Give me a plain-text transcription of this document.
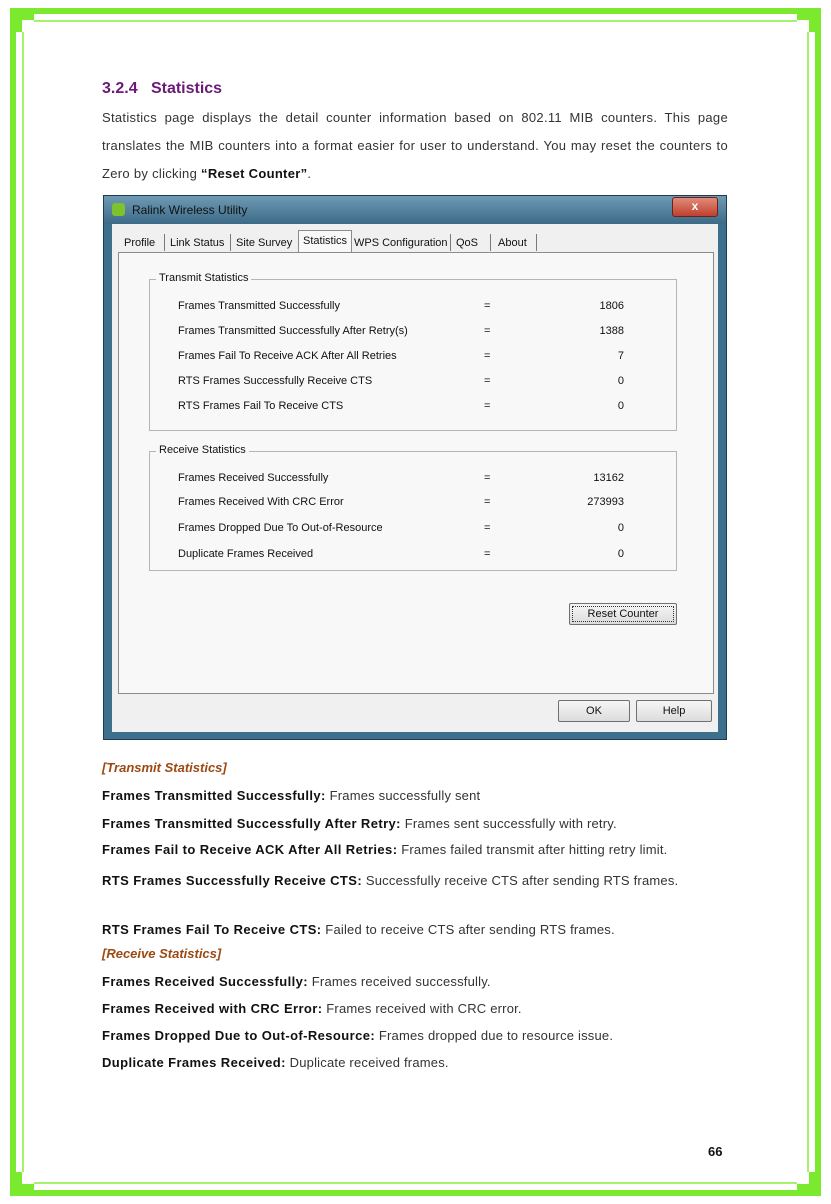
3.2.4 Statistics
Statistics page displays the detail counter information based on 802.11 MIB counters. This page translates the MIB counters into a format easier for user to understand. You may reset the counters to Zero by clicking “Reset Counter”.
Ralink Wireless Utility	x
Profile Link Status Site Survey Statistics WPS Configuration QoS About
Transmit Statistics
Frames Transmitted Successfully	=	1806
Frames Transmitted Successfully After Retry(s)	=	1388
Frames Fail To Receive ACK After All Retries	=	7
RTS Frames Successfully Receive CTS	=	0
RTS Frames Fail To Receive CTS	=	0
Receive Statistics
Frames Received Successfully	=	13162
Frames Received With CRC Error	=	273993
Frames Dropped Due To Out-of-Resource	=	0
Duplicate Frames Received	=	0
Reset Counter
OK	Help
[Transmit Statistics]
Frames Transmitted Successfully: Frames successfully sent
Frames Transmitted Successfully After Retry: Frames sent successfully with retry.
Frames Fail to Receive ACK After All Retries: Frames failed transmit after hitting retry limit.
RTS Frames Successfully Receive CTS: Successfully receive CTS after sending RTS frames.
RTS Frames Fail To Receive CTS: Failed to receive CTS after sending RTS frames.
[Receive Statistics]
Frames Received Successfully: Frames received successfully.
Frames Received with CRC Error: Frames received with CRC error.
Frames Dropped Due to Out-of-Resource: Frames dropped due to resource issue.
Duplicate Frames Received: Duplicate received frames.
66
